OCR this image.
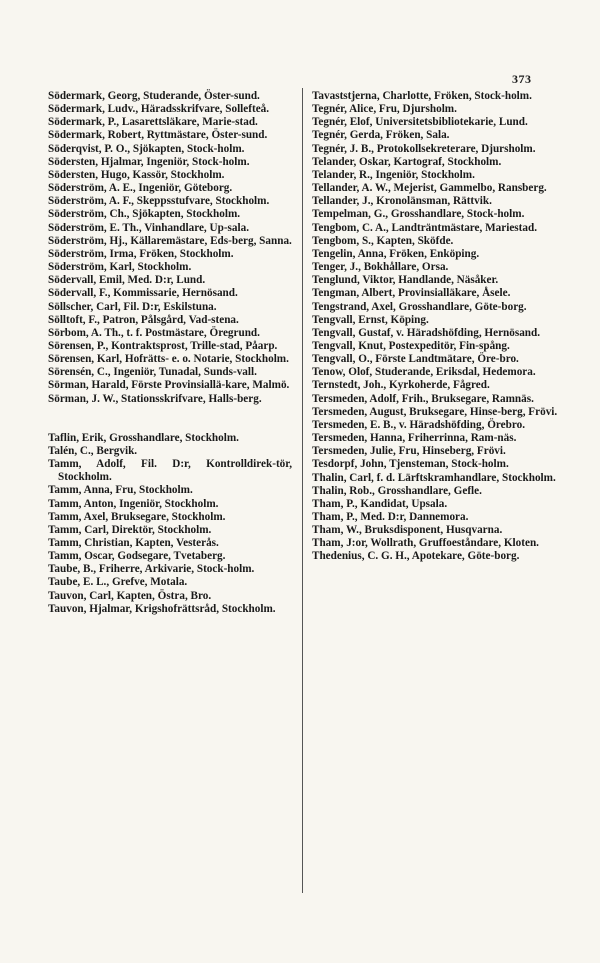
373

Södermark, Georg, Studerande, Öster-sund.

Södermark, Ludv., Häradsskrifvare, Sollefteå.

Södermark, P., Lasarettsläkare, Marie-stad.

Södermark, Robert, Ryttmästare, Öster-sund.

Söderqvist, P. O., Sjökapten, Stock-holm.

Södersten, Hjalmar, Ingeniör, Stock-holm.

Södersten, Hugo, Kassör, Stockholm.

Söderström, A. E., Ingeniör, Göteborg.

Söderström, A. F., Skeppsstufvare, Stockholm.

Söderström, Ch., Sjökapten, Stockholm.

Söderström, E. Th., Vinhandlare, Up-sala.

Söderström, Hj., Källaremästare, Eds-berg, Sanna.

Söderström, Irma, Fröken, Stockholm.

Söderström, Karl, Stockholm.

Södervall, Emil, Med. D:r, Lund.

Södervall, F., Kommissarie, Hernösand.

Söllscher, Carl, Fil. D:r, Eskilstuna.

Sölltoft, F., Patron, Pålsgård, Vad-stena.

Sörbom, A. Th., t. f. Postmästare, Öregrund.

Sörensen, P., Kontraktsprost, Trille-stad, Påarp.

Sörensen, Karl, Hofrätts- e. o. Notarie, Stockholm.

Sörensén, C., Ingeniör, Tunadal, Sunds-vall.

Sörman, Harald, Förste Provinsiallä-kare, Malmö.

Sörman, J. W., Stationsskrifvare, Halls-berg.

Taflin, Erik, Grosshandlare, Stockholm.

Talén, C., Bergvik.

Tamm, Adolf, Fil. D:r, Kontrolldirek-tör, Stockholm.

Tamm, Anna, Fru, Stockholm.

Tamm, Anton, Ingeniör, Stockholm.

Tamm, Axel, Bruksegare, Stockholm.

Tamm, Carl, Direktör, Stockholm.

Tamm, Christian, Kapten, Vesterås.

Tamm, Oscar, Godsegare, Tvetaberg.

Taube, B., Friherre, Arkivarie, Stock-holm.

Taube, E. L., Grefve, Motala.

Tauvon, Carl, Kapten, Östra, Bro.

Tauvon, Hjalmar, Krigshofrättsråd, Stockholm.

Tavaststjerna, Charlotte, Fröken, Stock-holm.

Tegnér, Alice, Fru, Djursholm.

Tegnér, Elof, Universitetsbibliotekarie, Lund.

Tegnér, Gerda, Fröken, Sala.

Tegnér, J. B., Protokollsekreterare, Djursholm.

Telander, Oskar, Kartograf, Stockholm.

Telander, R., Ingeniör, Stockholm.

Tellander, A. W., Mejerist, Gammelbo, Ransberg.

Tellander, J., Kronolänsman, Rättvik.

Tempelman, G., Grosshandlare, Stock-holm.

Tengbom, C. A., Landträntmästare, Mariestad.

Tengbom, S., Kapten, Sköfde.

Tengelin, Anna, Fröken, Enköping.

Tenger, J., Bokhållare, Orsa.

Tenglund, Viktor, Handlande, Näsåker.

Tengman, Albert, Provinsialläkare, Åsele.

Tengstrand, Axel, Grosshandlare, Göte-borg.

Tengvall, Ernst, Köping.

Tengvall, Gustaf, v. Häradshöfding, Hernösand.

Tengvall, Knut, Postexpeditör, Fin-spång.

Tengvall, O., Förste Landtmätare, Öre-bro.

Tenow, Olof, Studerande, Eriksdal, Hedemora.

Ternstedt, Joh., Kyrkoherde, Fågred.

Tersmeden, Adolf, Frih., Bruksegare, Ramnäs.

Tersmeden, August, Bruksegare, Hinse-berg, Frövi.

Tersmeden, E. B., v. Häradshöfding, Örebro.

Tersmeden, Hanna, Friherrinna, Ram-näs.

Tersmeden, Julie, Fru, Hinseberg, Frövi.

Tesdorpf, John, Tjensteman, Stock-holm.

Thalin, Carl, f. d. Lärftskramhandlare, Stockholm.

Thalin, Rob., Grosshandlare, Gefle.

Tham, P., Kandidat, Upsala.

Tham, P., Med. D:r, Dannemora.

Tham, W., Bruksdisponent, Husqvarna.

Tham, J:or, Wollrath, Gruffoeståndare, Kloten.

Thedenius, C. G. H., Apotekare, Göte-borg.
